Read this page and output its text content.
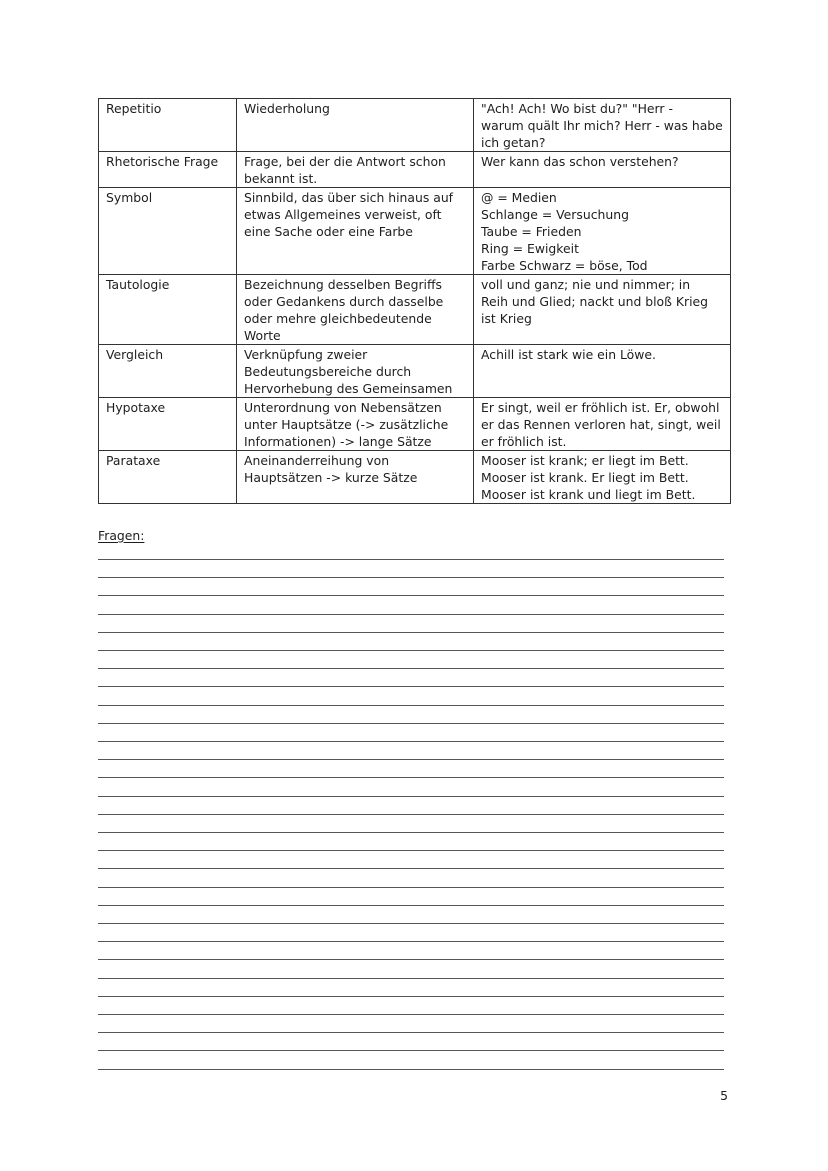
Repetitio	Wiederholung	"Ach! Ach! Wo bist du?" "Herr -
warum quält Ihr mich? Herr - was habe
ich getan?
Rhetorische Frage	Frage, bei der die Antwort schon
bekannt ist.	Wer kann das schon verstehen?
Symbol	Sinnbild, das über sich hinaus auf
etwas Allgemeines verweist, oft
eine Sache oder eine Farbe	@ = Medien
Schlange = Versuchung
Taube = Frieden
Ring = Ewigkeit
Farbe Schwarz = böse, Tod
Tautologie	Bezeichnung desselben Begriffs
oder Gedankens durch dasselbe
oder mehre gleichbedeutende
Worte	voll und ganz; nie und nimmer; in
Reih und Glied; nackt und bloß Krieg
ist Krieg
Vergleich	Verknüpfung zweier
Bedeutungsbereiche durch
Hervorhebung des Gemeinsamen	Achill ist stark wie ein Löwe.
Hypotaxe	Unterordnung von Nebensätzen
unter Hauptsätze (-> zusätzliche
Informationen) -> lange Sätze	Er singt, weil er fröhlich ist. Er, obwohl
er das Rennen verloren hat, singt, weil
er fröhlich ist.
Parataxe	Aneinanderreihung von
Hauptsätzen -> kurze Sätze	Mooser ist krank; er liegt im Bett.
Mooser ist krank. Er liegt im Bett.
Mooser ist krank und liegt im Bett.
Fragen:
5
